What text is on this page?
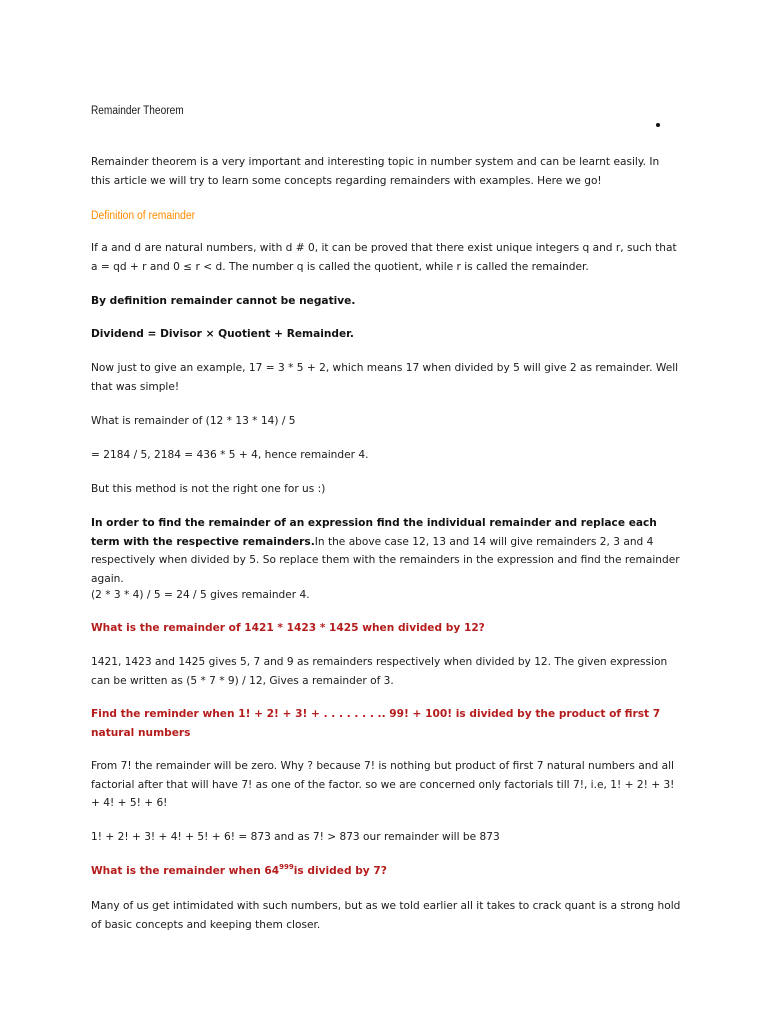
Remainder Theorem

Remainder theorem is a very important and interesting topic in number system and can be learnt easily. In this article we will try to learn some concepts regarding remainders with examples. Here we go!

Definition of remainder

If a and d are natural numbers, with d # 0, it can be proved that there exist unique integers q and r, such that a = qd + r and 0 ≤ r < d. The number q is called the quotient, while r is called the remainder.

By definition remainder cannot be negative.

Dividend = Divisor × Quotient + Remainder.

Now just to give an example, 17 = 3 * 5 + 2, which means 17 when divided by 5 will give 2 as remainder. Well that was simple!

What is remainder of (12 * 13 * 14) / 5

= 2184 / 5, 2184 = 436 * 5 + 4, hence remainder 4.

But this method is not the right one for us :)

In order to find the remainder of an expression find the individual remainder and replace each term with the respective remainders.In the above case 12, 13 and 14 will give remainders 2, 3 and 4 respectively when divided by 5. So replace them with the remainders in the expression and find the remainder again.

(2 * 3 * 4) / 5 = 24 / 5 gives remainder 4.

What is the remainder of 1421 * 1423 * 1425 when divided by 12?

1421, 1423 and 1425 gives 5, 7 and 9 as remainders respectively when divided by 12. The given expression can be written as (5 * 7 * 9) / 12, Gives a remainder of 3.

Find the reminder when 1! + 2! + 3! + . . . . . . . .. 99! + 100! is divided by the product of first 7 natural numbers

From 7! the remainder will be zero. Why ? because 7! is nothing but product of first 7 natural numbers and all factorial after that will have 7! as one of the factor. so we are concerned only factorials till 7!, i.e, 1! + 2! + 3! + 4! + 5! + 6!

1! + 2! + 3! + 4! + 5! + 6! = 873 and as 7! > 873 our remainder will be 873

What is the remainder when $64^{999}is$ divided by 7?

Many of us get intimidated with such numbers, but as we told earlier all it takes to crack quant is a strong hold of basic concepts and keeping them closer.
